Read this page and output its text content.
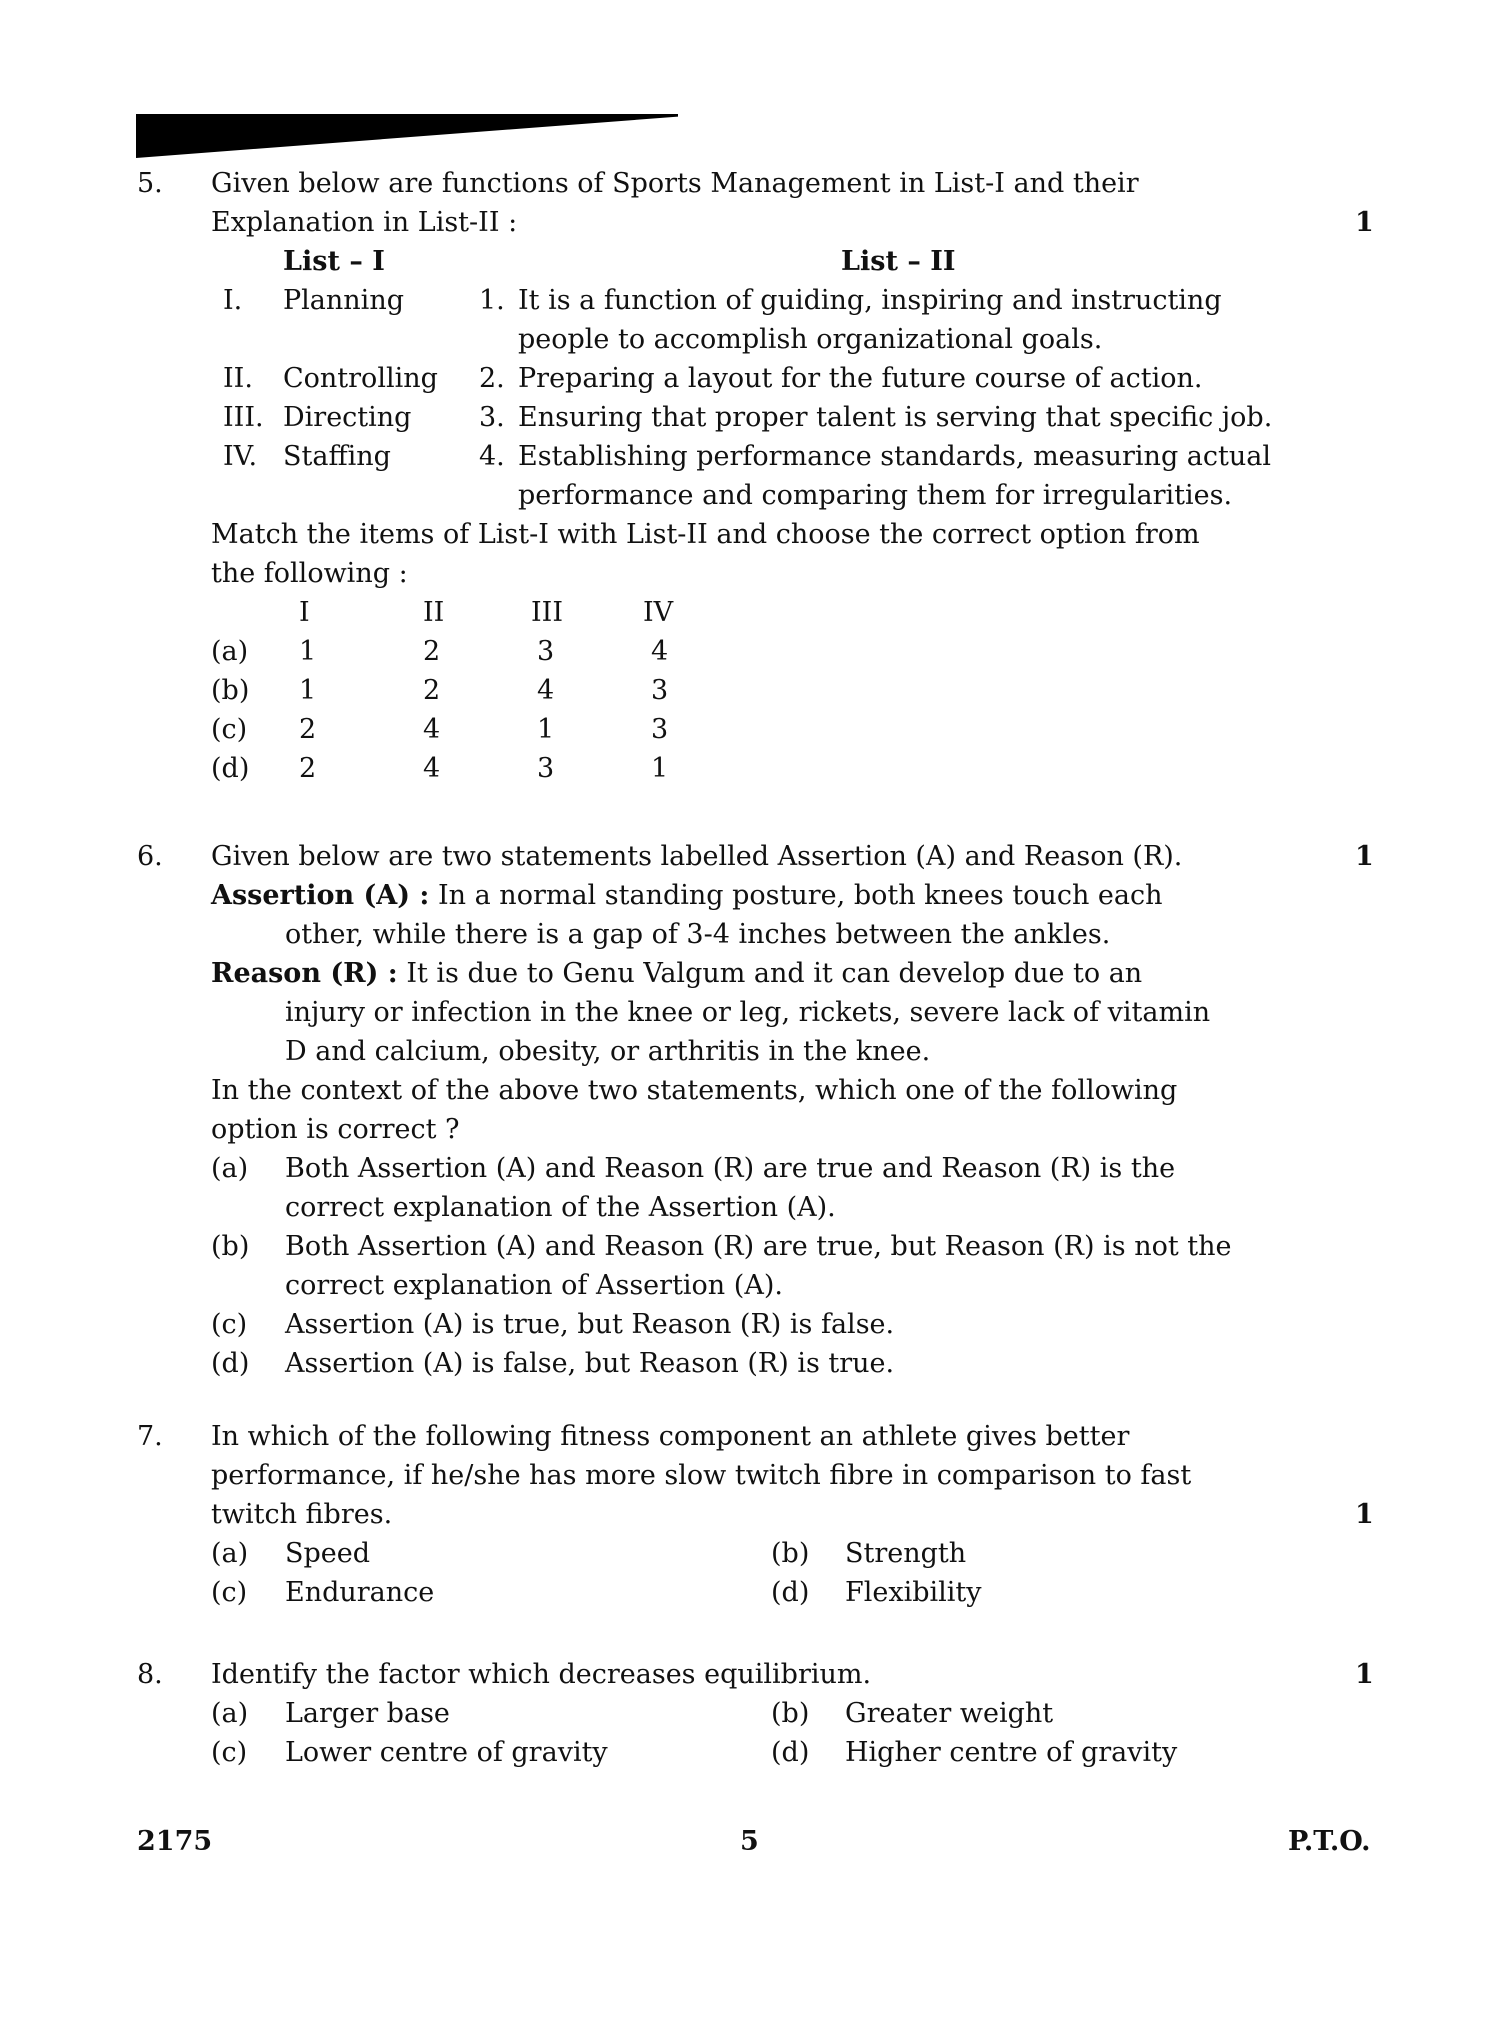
5.
1
Given below are functions of Sports Management in List-I and their
Explanation in List-II :
List – I	List – II
I. Planning	1. It is a function of guiding, inspiring and instructing
people to accomplish organizational goals.
II. Controlling 2. Preparing a layout for the future course of action.
III. Directing	3. Ensuring that proper talent is serving that specific job.
IV. Staffing	4. Establishing performance standards, measuring actual
performance and comparing them for irregularities.
Match the items of List-I with List-II and choose the correct option from
the following :
I	II	III	IV
(a) 1	2	3	4
(b) 1	2	4	3
(c) 2	4	1	3
(d) 2	4	3	1
6.	1
Given below are two statements labelled Assertion (A) and Reason (R).
Assertion (A) : In a normal standing posture, both knees touch each
other, while there is a gap of 3-4 inches between the ankles.
Reason (R) : It is due to Genu Valgum and it can develop due to an
injury or infection in the knee or leg, rickets, severe lack of vitamin
D and calcium, obesity, or arthritis in the knee.
In the context of the above two statements, which one of the following
option is correct ?
(a) Both Assertion (A) and Reason (R) are true and Reason (R) is the
correct explanation of the Assertion (A).
(b) Both Assertion (A) and Reason (R) are true, but Reason (R) is not the
correct explanation of Assertion (A).
(c) Assertion (A) is true, but Reason (R) is false.
(d) Assertion (A) is false, but Reason (R) is true.
7.
1
In which of the following fitness component an athlete gives better
performance, if he/she has more slow twitch fibre in comparison to fast
twitch fibres.
(a) Speed	(b) Strength
(c) Endurance	(d) Flexibility
8.	1
Identify the factor which decreases equilibrium.
(a) Larger base	(b) Greater weight
(c) Lower centre of gravity	(d) Higher centre of gravity
2175	5	P.T.O.
